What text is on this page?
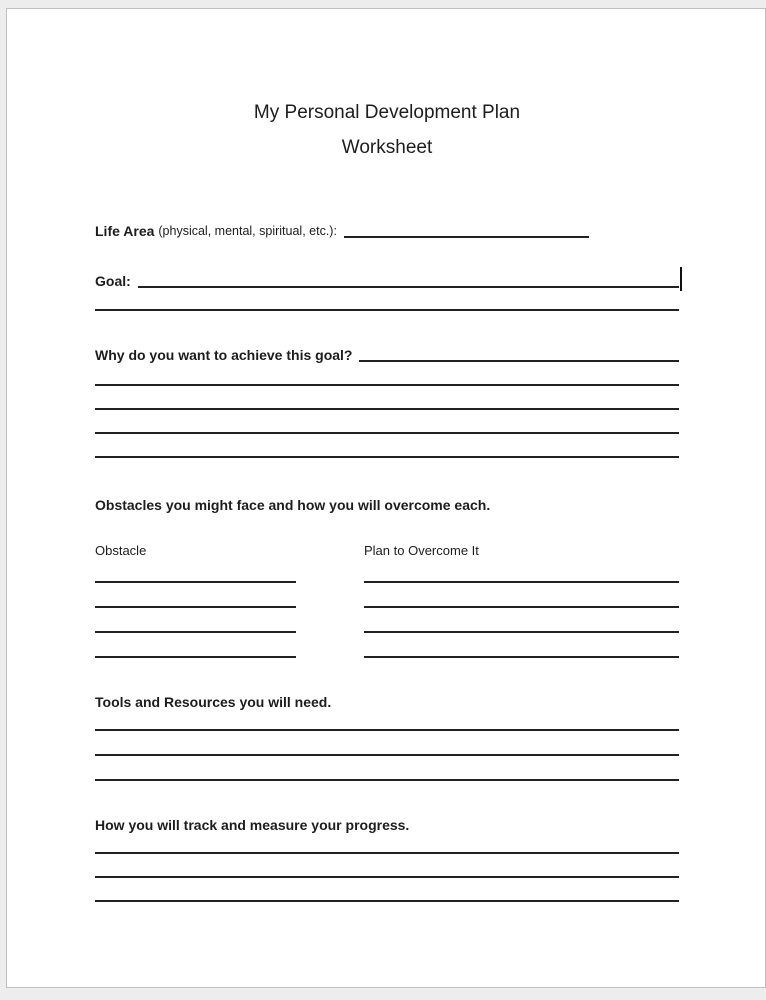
My Personal Development Plan
Worksheet
Life Area (physical, mental, spiritual, etc.):
Goal:
Why do you want to achieve this goal?
Obstacles you might face and how you will overcome each.
Obstacle	Plan to Overcome It
Tools and Resources you will need.
How you will track and measure your progress.
